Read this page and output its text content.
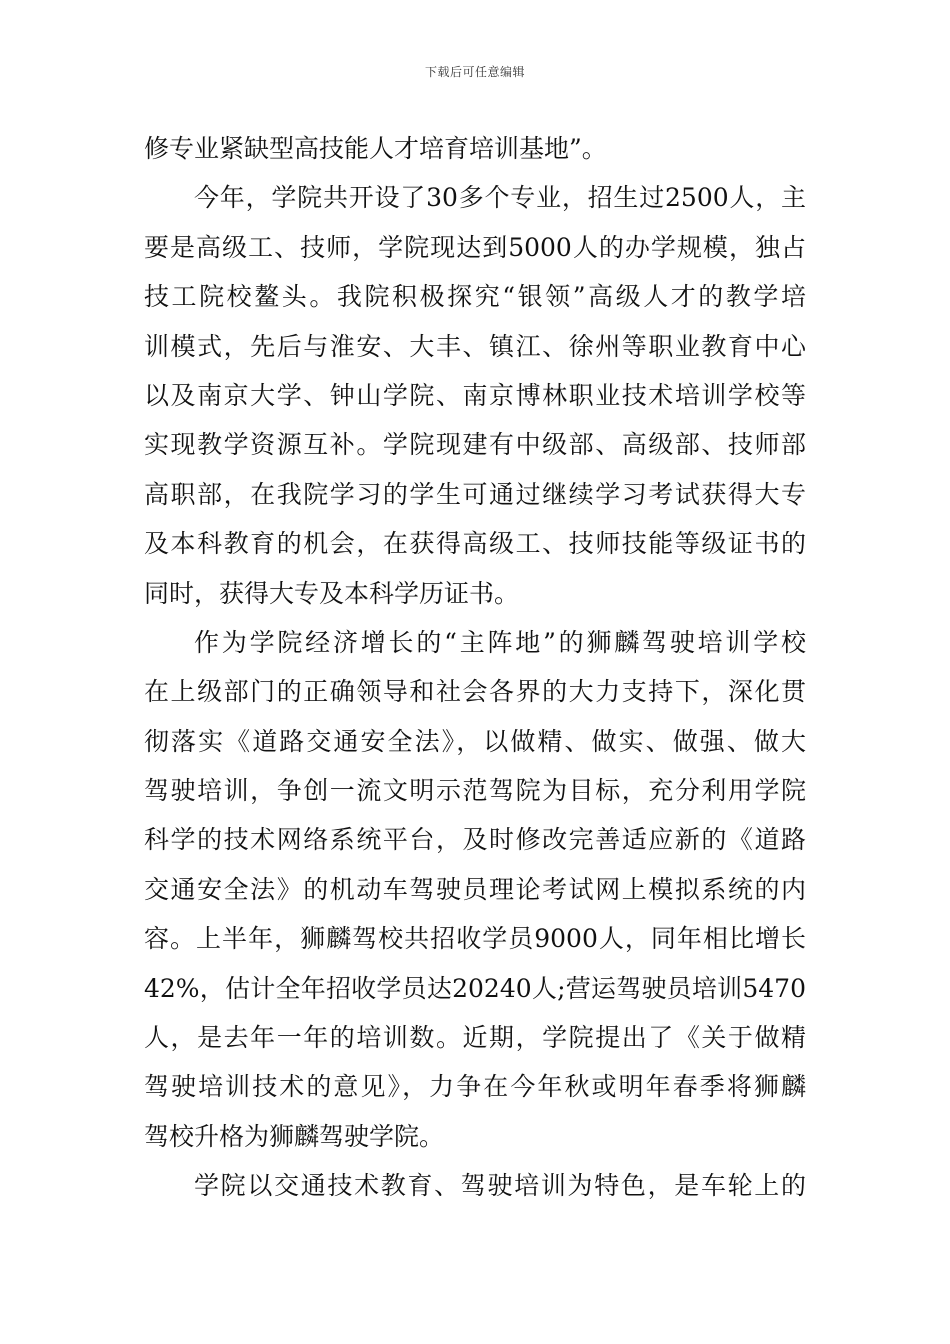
下载后可任意编辑
修专业紧缺型高技能人才培育培训基地”。
今年，学院共开设了30多个专业，招生过2500人，主
要是高级工、技师，学院现达到5000人的办学规模，独占
技工院校鳌头。我院积极探究“银领”高级人才的教学培
训模式，先后与淮安、大丰、镇江、徐州等职业教育中心
以及南京大学、钟山学院、南京博林职业技术培训学校等
实现教学资源互补。学院现建有中级部、高级部、技师部
高职部，在我院学习的学生可通过继续学习考试获得大专
及本科教育的机会，在获得高级工、技师技能等级证书的
同时，获得大专及本科学历证书。
作为学院经济增长的“主阵地”的狮麟驾驶培训学校
在上级部门的正确领导和社会各界的大力支持下，深化贯
彻落实《道路交通安全法》，以做精、做实、做强、做大
驾驶培训，争创一流文明示范驾院为目标，充分利用学院
科学的技术网络系统平台，及时修改完善适应新的《道路
交通安全法》的机动车驾驶员理论考试网上模拟系统的内
容。上半年，狮麟驾校共招收学员9000人，同年相比增长
42%，估计全年招收学员达20240人;营运驾驶员培训5470
人，是去年一年的培训数。近期，学院提出了《关于做精
驾驶培训技术的意见》，力争在今年秋或明年春季将狮麟
驾校升格为狮麟驾驶学院。
学院以交通技术教育、驾驶培训为特色，是车轮上的
